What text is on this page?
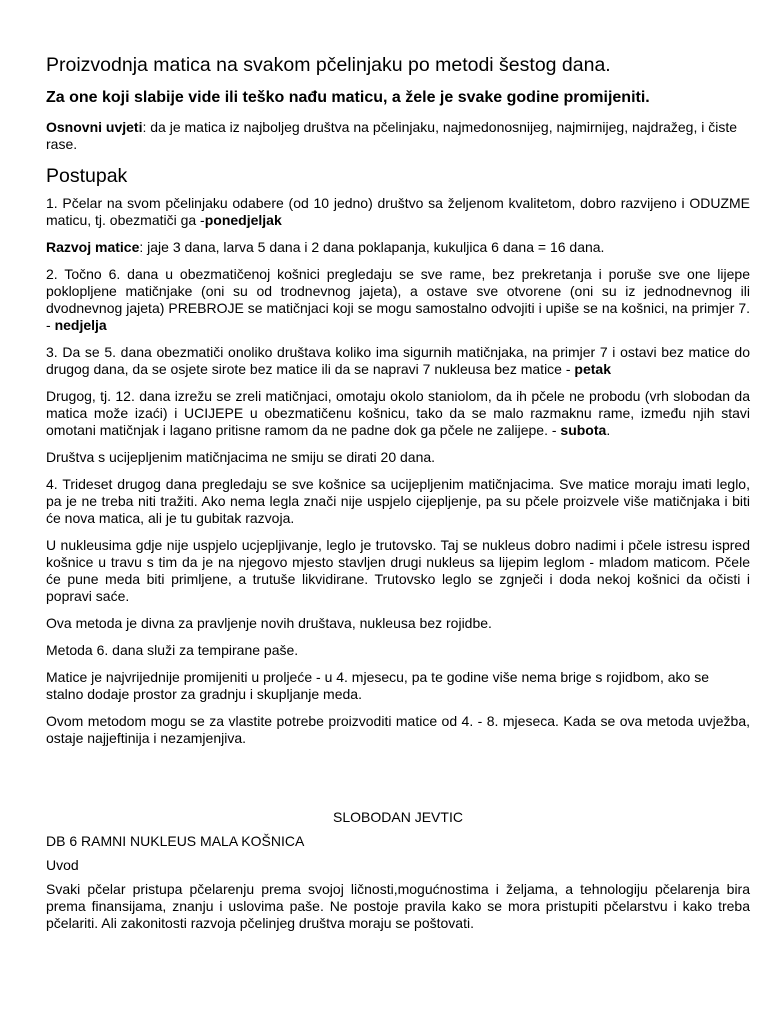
Proizvodnja matica na svakom pčelinjaku po metodi šestog dana.
Za one koji slabije vide ili teško nađu maticu, a žele je svake godine promijeniti.

Osnovni uvjeti: da je matica iz najboljeg društva na pčelinjaku, najmedonosnijeg, najmirnijeg, najdražeg, i čiste rase.

Postupak

1. Pčelar na svom pčelinjaku odabere (od 10 jedno) društvo sa željenom kvalitetom, dobro razvijeno i ODUZME maticu, tj. obezmatiči ga -ponedjeljak

Razvoj matice: jaje 3 dana, larva 5 dana i 2 dana poklapanja, kukuljica 6 dana = 16 dana.

2. Točno 6. dana u obezmatičenoj košnici pregledaju se sve rame, bez prekretanja i poruše sve one lijepe poklopljene matičnjake (oni su od trodnevnog jajeta), a ostave sve otvorene (oni su iz jednodnevnog ili dvodnevnog jajeta) PREBROJE se matičnjaci koji se mogu samostalno odvojiti i upiše se na košnici, na primjer 7. - nedjelja

3. Da se 5. dana obezmatiči onoliko društava koliko ima sigurnih matičnjaka, na primjer 7 i ostavi bez matice do drugog dana, da se osjete sirote bez matice ili da se napravi 7 nukleusa bez matice - petak

Drugog, tj. 12. dana izrežu se zreli matičnjaci, omotaju okolo staniolom, da ih pčele ne probodu (vrh slobodan da matica može izaći) i UCIJEPE u obezmatičenu košnicu, tako da se malo razmaknu rame, između njih stavi omotani matičnjak i lagano pritisne ramom da ne padne dok ga pčele ne zalijepe. - subota.

Društva s ucijepljenim matičnjacima ne smiju se dirati 20 dana.

4. Trideset drugog dana pregledaju se sve košnice sa ucijepljenim matičnjacima. Sve matice moraju imati leglo, pa je ne treba niti tražiti. Ako nema legla znači nije uspjelo cijepljenje, pa su pčele proizvele više matičnjaka i biti će nova matica, ali je tu gubitak razvoja.

U nukleusima gdje nije uspjelo ucjepljivanje, leglo je trutovsko. Taj se nukleus dobro nadimi i pčele istresu ispred košnice u travu s tim da je na njegovo mjesto stavljen drugi nukleus sa lijepim leglom - mladom maticom. Pčele će pune meda biti primljene, a trutuše likvidirane. Trutovsko leglo se zgnječi i doda nekoj košnici da očisti i popravi saće.

Ova metoda je divna za pravljenje novih društava, nukleusa bez rojidbe.

Metoda 6. dana služi za tempirane paše.

Matice je najvrijednije promijeniti u proljeće - u 4. mjesecu, pa te godine više nema brige s rojidbom, ako se stalno dodaje prostor za gradnju i skupljanje meda.

Ovom metodom mogu se za vlastite potrebe proizvoditi matice od 4. - 8. mjeseca. Kada se ova metoda uvježba, ostaje najjeftinija i nezamjenjiva.

SLOBODAN JEVTIC
DB 6 RAMNI NUKLEUS MALA KOŠNICA
Uvod

Svaki pčelar pristupa pčelarenju prema svojoj ličnosti,mogućnostima i željama, a tehnologiju pčelarenja bira prema finansijama, znanju i uslovima paše. Ne postoje pravila kako se mora pristupiti pčelarstvu i kako treba pčelariti. Ali zakonitosti razvoja pčelinjeg društva moraju se poštovati.
